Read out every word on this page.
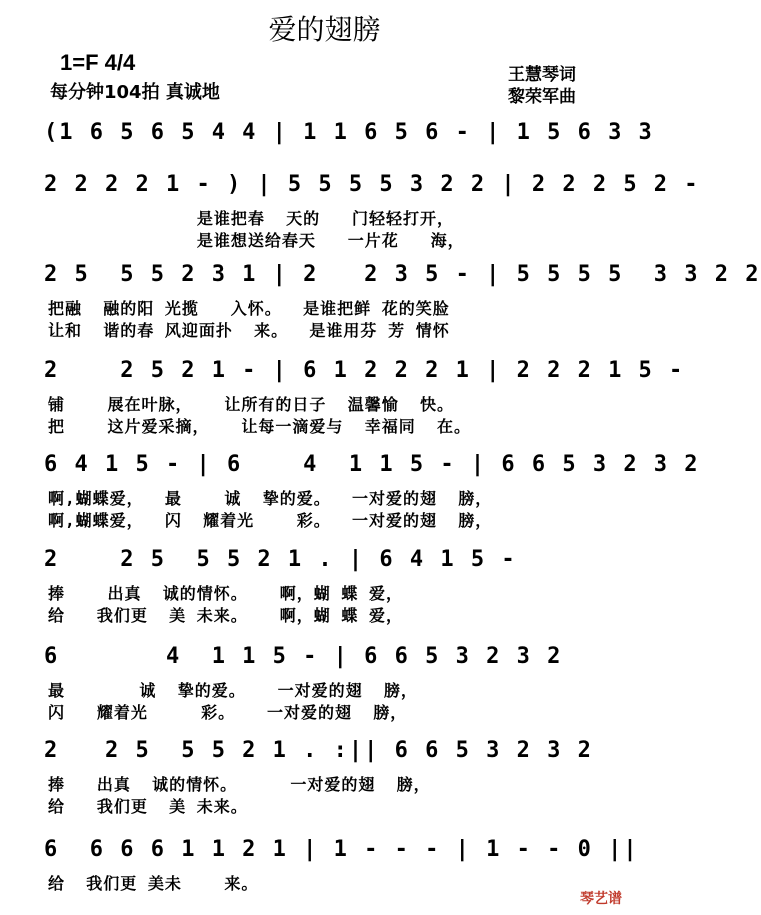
爱的翅膀
1=F 4/4
每分钟104拍 真诚地
王慧琴词
黎荣军曲
(1 6 5 6 5 4 4 | 1 1 6 5 6 - | 1 5 6 3 3
2 2 2 2 1 - ) | 5 5 5 5 3 2 2 | 2 2 2 5 2 -
是谁把春  天的   门轻轻打开，
是谁想送给春天   一片花   海，
2 5  5 5 2 3 1 | 2   2 3 5 - | 5 5 5 5  3 3 2 2
把融  融的阳 光揽   入怀。  是谁把鲜 花的笑脸
让和  谐的春 风迎面扑  来。  是谁用芬 芳 情怀
2    2 5 2 1 - | 6 1 2 2 2 1 | 2 2 2 1 5 -
铺    展在叶脉，   让所有的日子  温馨愉  快。
把    这片爱采摘，   让每一滴爱与  幸福同  在。
6 4 1 5 - | 6    4  1 1 5 - | 6 6 5 3 2 3 2
啊,蝴蝶爱，  最    诚  挚的爱。  一对爱的翅  膀，
啊,蝴蝶爱，  闪  耀着光    彩。  一对爱的翅  膀，
2    2 5  5 5 2 1 . | 6 4 1 5 -
捧    出真  诚的情怀。   啊，蝴 蝶 爱，
给   我们更  美 未来。   啊，蝴 蝶 爱，
6       4  1 1 5 - | 6 6 5 3 2 3 2
最       诚  挚的爱。   一对爱的翅  膀，
闪   耀着光     彩。   一对爱的翅  膀，
2   2 5  5 5 2 1 . :|| 6 6 5 3 2 3 2
捧   出真  诚的情怀。     一对爱的翅  膀，
给   我们更  美 未来。
6  6 6 6 1 1 2 1 | 1 - - - | 1 - - 0 ||
给  我们更 美未    来。
琴艺谱
